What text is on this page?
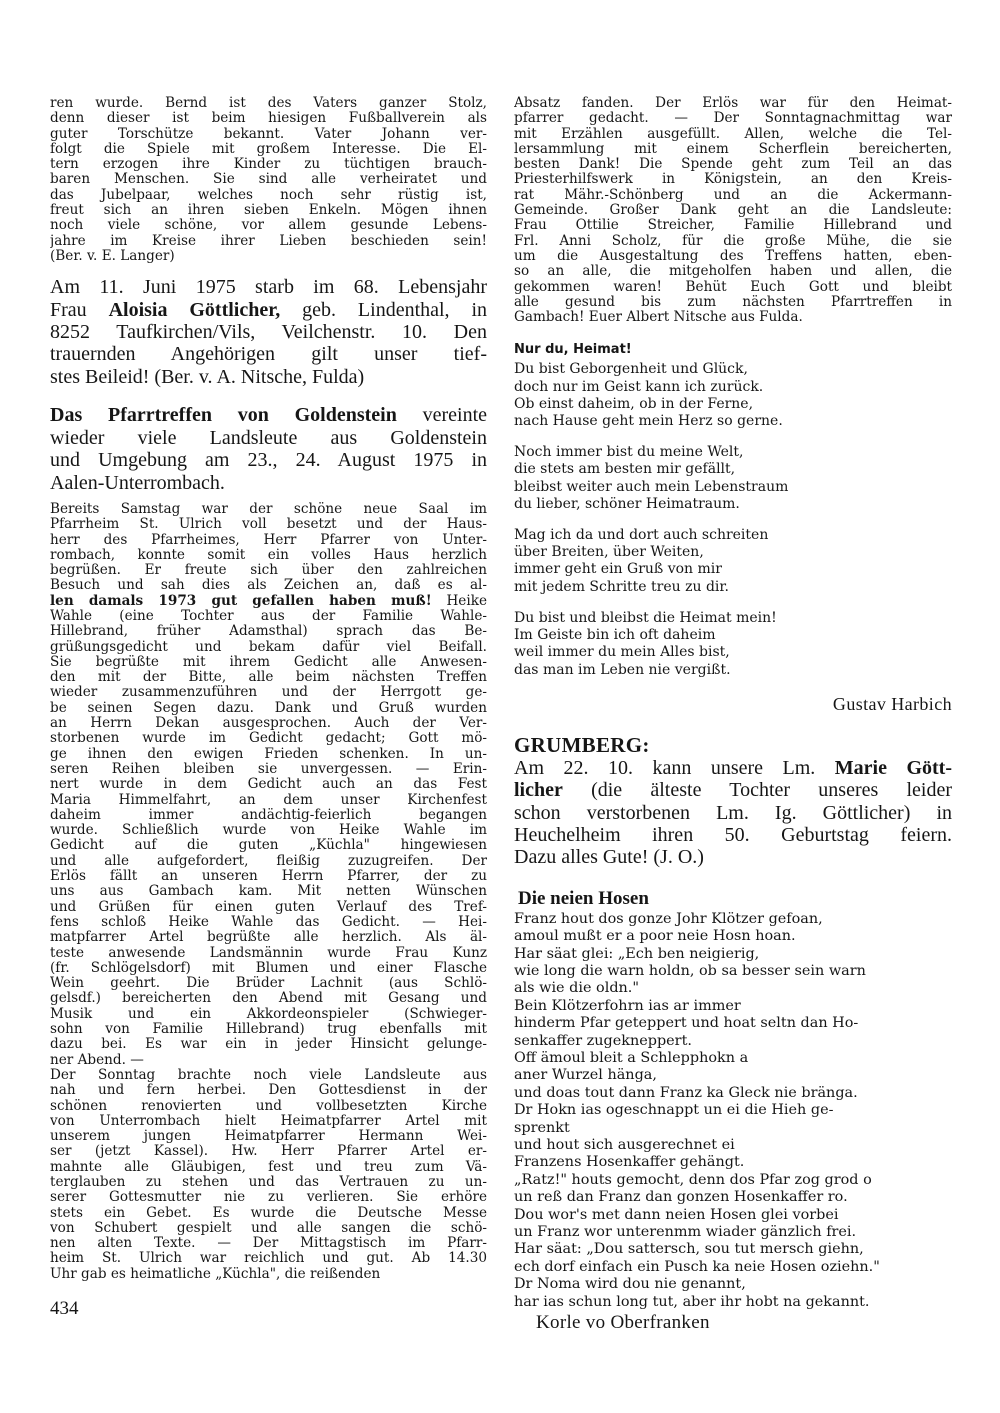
ren wurde. Bernd ist des Vaters ganzer Stolz,

denn dieser ist beim hiesigen Fußballverein als

guter Torschütze bekannt. Vater Johann ver-

folgt die Spiele mit großem Interesse. Die El-

tern erzogen ihre Kinder zu tüchtigen brauch-

baren Menschen. Sie sind alle verheiratet und

das Jubelpaar, welches noch sehr rüstig ist,

freut sich an ihren sieben Enkeln. Mögen ihnen

noch viele schöne, vor allem gesunde Lebens-

jahre im Kreise ihrer Lieben beschieden sein!

(Ber. v. E. Langer)

Am 11. Juni 1975 starb im 68. Lebensjahr

Frau Aloisia Göttlicher, geb. Lindenthal, in

8252 Taufkirchen/Vils, Veilchenstr. 10. Den

trauernden Angehörigen gilt unser tief-

stes Beileid! (Ber. v. A. Nitsche, Fulda)

Das Pfarrtreffen von Goldenstein vereinte

wieder viele Landsleute aus Goldenstein

und Umgebung am 23., 24. August 1975 in

Aalen-Unterrombach.

Bereits Samstag war der schöne neue Saal im

Pfarrheim St. Ulrich voll besetzt und der Haus-

herr des Pfarrheimes, Herr Pfarrer von Unter-

rombach, konnte somit ein volles Haus herzlich

begrüßen. Er freute sich über den zahlreichen

Besuch und sah dies als Zeichen an, daß es al-

len damals 1973 gut gefallen haben muß! Heike

Wahle (eine Tochter aus der Familie Wahle-

Hillebrand, früher Adamsthal) sprach das Be-

grüßungsgedicht und bekam dafür viel Beifall.

Sie begrüßte mit ihrem Gedicht alle Anwesen-

den mit der Bitte, alle beim nächsten Treffen

wieder zusammenzuführen und der Herrgott ge-

be seinen Segen dazu. Dank und Gruß wurden

an Herrn Dekan ausgesprochen. Auch der Ver-

storbenen wurde im Gedicht gedacht; Gott mö-

ge ihnen den ewigen Frieden schenken. In un-

seren Reihen bleiben sie unvergessen. — Erin-

nert wurde in dem Gedicht auch an das Fest

Maria Himmelfahrt, an dem unser Kirchenfest

daheim immer andächtig-feierlich begangen

wurde. Schließlich wurde von Heike Wahle im

Gedicht auf die guten „Küchla" hingewiesen

und alle aufgefordert, fleißig zuzugreifen. Der

Erlös fällt an unseren Herrn Pfarrer, der zu

uns aus Gambach kam. Mit netten Wünschen

und Grüßen für einen guten Verlauf des Tref-

fens schloß Heike Wahle das Gedicht. — Hei-

matpfarrer Artel begrüßte alle herzlich. Als äl-

teste anwesende Landsmännin wurde Frau Kunz

(fr. Schlögelsdorf) mit Blumen und einer Flasche

Wein geehrt. Die Brüder Lachnit (aus Schlö-

gelsdf.) bereicherten den Abend mit Gesang und

Musik und ein Akkordeonspieler (Schwieger-

sohn von Familie Hillebrand) trug ebenfalls mit

dazu bei. Es war ein in jeder Hinsicht gelunge-

ner Abend. —

Der Sonntag brachte noch viele Landsleute aus

nah und fern herbei. Den Gottesdienst in der

schönen renovierten und vollbesetzten Kirche

von Unterrombach hielt Heimatpfarrer Artel mit

unserem jungen Heimatpfarrer Hermann Wei-

ser (jetzt Kassel). Hw. Herr Pfarrer Artel er-

mahnte alle Gläubigen, fest und treu zum Vä-

terglauben zu stehen und das Vertrauen zu un-

serer Gottesmutter nie zu verlieren. Sie erhöre

stets ein Gebet. Es wurde die Deutsche Messe

von Schubert gespielt und alle sangen die schö-

nen alten Texte. — Der Mittagstisch im Pfarr-

heim St. Ulrich war reichlich und gut. Ab 14.30

Uhr gab es heimatliche „Küchla", die reißenden

Absatz fanden. Der Erlös war für den Heimat-

pfarrer gedacht. — Der Sonntagnachmittag war

mit Erzählen ausgefüllt. Allen, welche die Tel-

lersammlung mit einem Scherflein bereicherten,

besten Dank! Die Spende geht zum Teil an das

Priesterhilfswerk in Königstein, an den Kreis-

rat Mähr.-Schönberg und an die Ackermann-

Gemeinde. Großer Dank geht an die Landsleute:

Frau Ottilie Streicher, Familie Hillebrand und

Frl. Anni Scholz, für die große Mühe, die sie

um die Ausgestaltung des Treffens hatten, eben-

so an alle, die mitgeholfen haben und allen, die

gekommen waren! Behüt Euch Gott und bleibt

alle gesund bis zum nächsten Pfarrtreffen in

Gambach! Euer Albert Nitsche aus Fulda.

Nur du, Heimat!
Du bist Geborgenheit und Glück,
doch nur im Geist kann ich zurück.
Ob einst daheim, ob in der Ferne,
nach Hause geht mein Herz so gerne.
Noch immer bist du meine Welt,
die stets am besten mir gefällt,
bleibst weiter auch mein Lebenstraum
du lieber, schöner Heimatraum.
Mag ich da und dort auch schreiten
über Breiten, über Weiten,
immer geht ein Gruß von mir
mit jedem Schritte treu zu dir.
Du bist und bleibst die Heimat mein!
Im Geiste bin ich oft daheim
weil immer du mein Alles bist,
das man im Leben nie vergißt.
Gustav Harbich
GRUMBERG:

Am 22. 10. kann unsere Lm. Marie Gött-

licher (die älteste Tochter unseres leider

schon verstorbenen Lm. Ig. Göttlicher) in

Heuchelheim ihren 50. Geburtstag feiern.

Dazu alles Gute! (J. O.)

Die neien Hosen
Franz hout dos gonze Johr Klötzer gefoan,
amoul mußt er a poor neie Hosn hoan.
Har säat glei: „Ech ben neigierig,
wie long die warn holdn, ob sa besser sein warn
als wie die oldn."
Bein Klötzerfohrn ias ar immer
hinderm Pfar geteppert und hoat seltn dan Ho-
senkaffer zugekneppert.
Off ämoul bleit a Schlepphokn a
aner Wurzel hänga,
und doas tout dann Franz ka Gleck nie bränga.
Dr Hokn ias ogeschnappt un ei die Hieh ge-
sprenkt
und hout sich ausgerechnet ei
Franzens Hosenkaffer gehängt.
„Ratz!" houts gemocht, denn dos Pfar zog grod o
un reß dan Franz dan gonzen Hosenkaffer ro.
Dou wor's met dann neien Hosen glei vorbei
un Franz wor unterenmm wiader gänzlich frei.
Har säat: „Dou sattersch, sou tut mersch giehn,
ech dorf einfach ein Pusch ka neie Hosen oziehn."
Dr Noma wird dou nie genannt,
har ias schun long tut, aber ihr hobt na gekannt.
Korle vo Oberfranken
434
